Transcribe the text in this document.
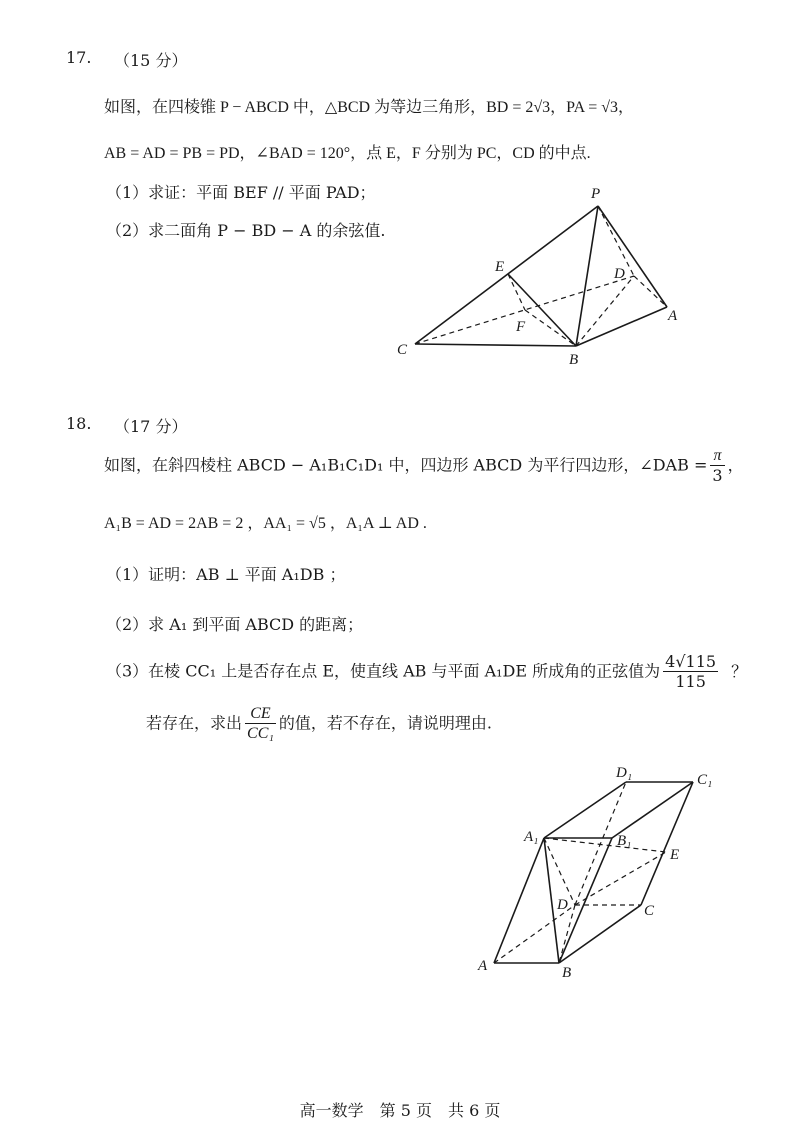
17. （15 分）
如图，在四棱锥 P − ABCD 中，△BCD 为等边三角形，BD = 2√3，PA = √3，
AB = AD = PB = PD，∠BAD = 120°，点 E，F 分别为 PC，CD 的中点.
（1）求证：平面 BEF // 平面 PAD；
（2）求二面角 P − BD − A 的余弦值.
P
E	D
F
A
C
B
18. （17 分）
如图，在斜四棱柱 ABCD − A₁B₁C₁D₁ 中，四边形 ABCD 为平行四边形，∠DAB = $\frac{\pi}{3}$ ，
A₁B = AD = 2AB = 2 ，AA₁ = √5 ，A₁A ⊥ AD .
（1）证明：AB ⊥ 平面 A₁DB ；
（2）求 A₁ 到平面 ABCD 的距离；
（3）在棱 CC₁ 上是否存在点 E，使直线 AB 与平面 A₁DE 所成角的正弦值为 $\frac{4√115}{115}$ ？
若存在，求出 $\frac{CE}{\text{CC₁}}$ 的值，若不存在，请说明理由.
D₁	C₁
A₁	B₁
E
D	C
A	B
高一数学　第 5 页　共 6 页
